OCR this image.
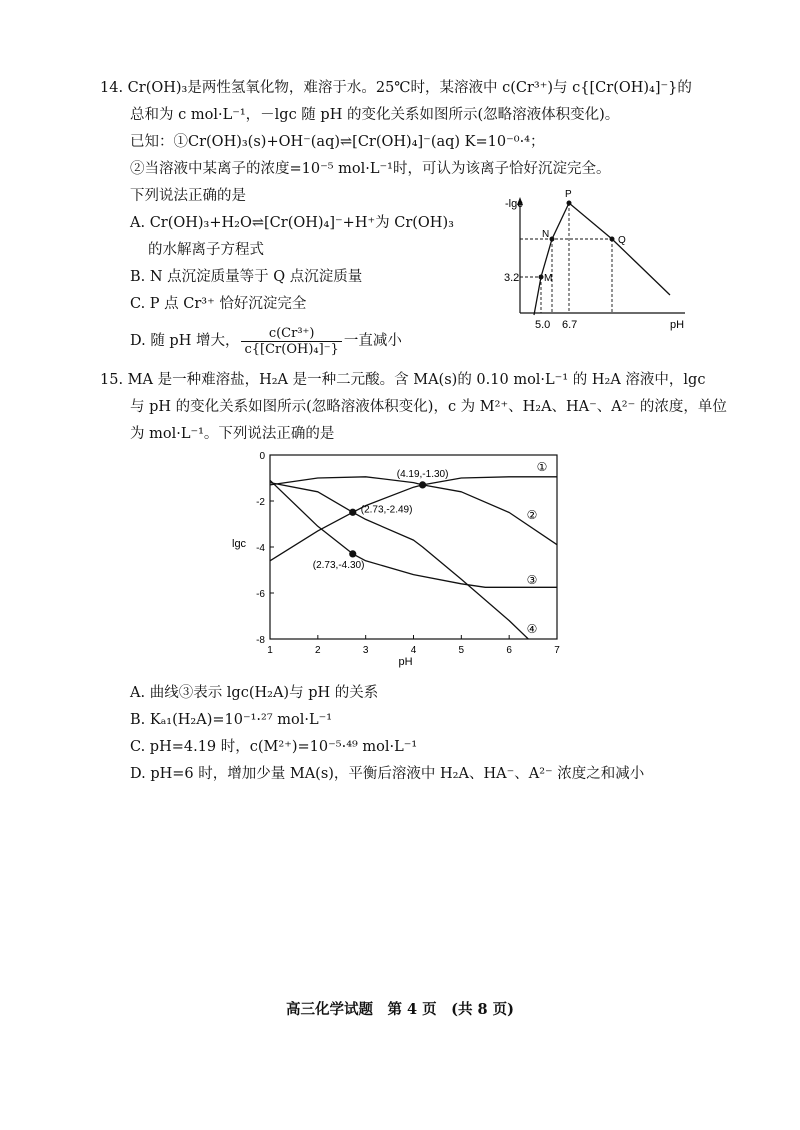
14. Cr(OH)₃是两性氢氧化物，难溶于水。25℃时，某溶液中 c(Cr³⁺)与 c{[Cr(OH)₄]⁻}的
总和为 c mol·L⁻¹，－lgc 随 pH 的变化关系如图所示(忽略溶液体积变化)。
已知：①Cr(OH)₃(s)+OH⁻(aq)⇌[Cr(OH)₄]⁻(aq) K=10⁻⁰·⁴；
②当溶液中某离子的浓度=10⁻⁵ mol·L⁻¹时，可认为该离子恰好沉淀完全。
下列说法正确的是
A. Cr(OH)₃+H₂O⇌[Cr(OH)₄]⁻+H⁺为 Cr(OH)₃
的水解离子方程式
B. N 点沉淀质量等于 Q 点沉淀质量
C. P 点 Cr³⁺ 恰好沉淀完全
D. 随 pH 增大， $\frac{\text{c(Cr³⁺)}}{\text{c\{[Cr(OH)₄]⁻\}}}$ 一直减小
-lgc
pH
3.2
5.0 6.7
P
N
Q
M
15. MA 是一种难溶盐，H₂A 是一种二元酸。含 MA(s)的 0.10 mol·L⁻¹ 的 H₂A 溶液中，lgc
与 pH 的变化关系如图所示(忽略溶液体积变化)，c 为 M²⁺、H₂A、HA⁻、A²⁻ 的浓度，单位
为 mol·L⁻¹。下列说法正确的是
1	2	3	4	5	6	7
0
-2
-4
-6
-8
pH
lgc
①
②
③
④
(4.19,-1.30)
(2.73,-2.49)
(2.73,-4.30)
A. 曲线③表示 lgc(H₂A)与 pH 的关系
B. Kₐ₁(H₂A)=10⁻¹·²⁷ mol·L⁻¹
C. pH=4.19 时，c(M²⁺)=10⁻⁵·⁴⁹ mol·L⁻¹
D. pH=6 时，增加少量 MA(s)，平衡后溶液中 H₂A、HA⁻、A²⁻ 浓度之和减小
高三化学试题　第 4 页　(共 8 页)
